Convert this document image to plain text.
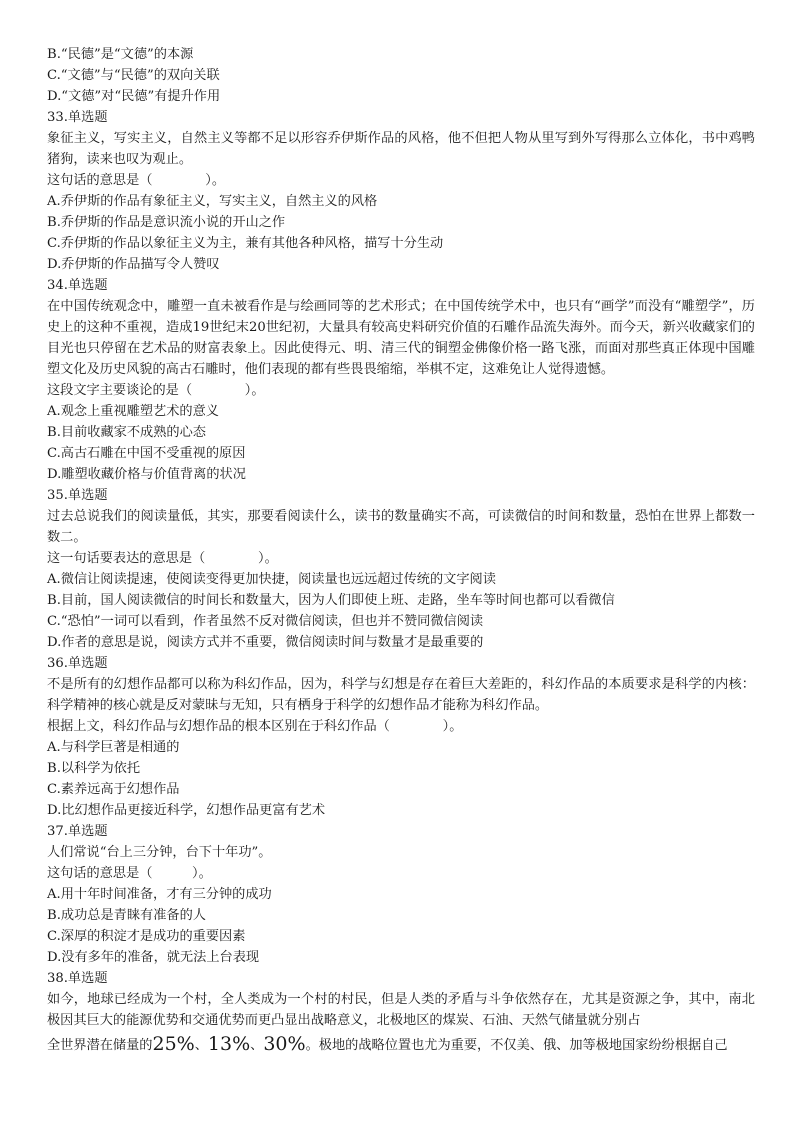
B.“民德”是“文德”的本源
C.“文德”与“民德”的双向关联
D.“文德”对“民德”有提升作用
33.单选题
象征主义，写实主义，自然主义等都不足以形容乔伊斯作品的风格，他不但把人物从里写到外写得那么立体化，书中鸡鸭猪狗，读来也叹为观止。
这句话的意思是（　　　　）。
A.乔伊斯的作品有象征主义，写实主义，自然主义的风格
B.乔伊斯的作品是意识流小说的开山之作
C.乔伊斯的作品以象征主义为主，兼有其他各种风格，描写十分生动
D.乔伊斯的作品描写令人赞叹
34.单选题
在中国传统观念中，雕塑一直未被看作是与绘画同等的艺术形式；在中国传统学术中，也只有“画学”而没有“雕塑学”，历史上的这种不重视，造成19世纪末20世纪初，大量具有较高史料研究价值的石雕作品流失海外。而今天，新兴收藏家们的目光也只停留在艺术品的财富表象上。因此使得元、明、清三代的铜塑金佛像价格一路飞涨，而面对那些真正体现中国雕塑文化及历史风貌的高古石雕时，他们表现的都有些畏畏缩缩，举棋不定，这难免让人觉得遗憾。
这段文字主要谈论的是（　　　　）。
A.观念上重视雕塑艺术的意义
B.目前收藏家不成熟的心态
C.高古石雕在中国不受重视的原因
D.雕塑收藏价格与价值背离的状况
35.单选题
过去总说我们的阅读量低，其实，那要看阅读什么，读书的数量确实不高，可读微信的时间和数量，恐怕在世界上都数一数二。
这一句话要表达的意思是（　　　　）。
A.微信让阅读提速，使阅读变得更加快捷，阅读量也远远超过传统的文字阅读
B.目前，国人阅读微信的时间长和数量大，因为人们即使上班、走路，坐车等时间也都可以看微信
C.“恐怕”一词可以看到，作者虽然不反对微信阅读，但也并不赞同微信阅读
D.作者的意思是说，阅读方式并不重要，微信阅读时间与数量才是最重要的
36.单选题
不是所有的幻想作品都可以称为科幻作品，因为，科学与幻想是存在着巨大差距的，科幻作品的本质要求是科学的内核：科学精神的核心就是反对蒙昧与无知，只有栖身于科学的幻想作品才能称为科幻作品。
根据上文，科幻作品与幻想作品的根本区别在于科幻作品（　　　　）。
A.与科学巨著是相通的
B.以科学为依托
C.素养远高于幻想作品
D.比幻想作品更接近科学，幻想作品更富有艺术
37.单选题
人们常说“台上三分钟，台下十年功”。
这句话的意思是（　　　）。
A.用十年时间准备，才有三分钟的成功
B.成功总是青睐有准备的人
C.深厚的积淀才是成功的重要因素
D.没有多年的准备，就无法上台表现
38.单选题
如今，地球已经成为一个村，全人类成为一个村的村民，但是人类的矛盾与斗争依然存在，尤其是资源之争，其中，南北极因其巨大的能源优势和交通优势而更凸显出战略意义，北极地区的煤炭、石油、天然气储量就分别占
全世界潜在储量的25%、13%、30%。极地的战略位置也尤为重要，不仅美、俄、加等极地国家纷纷根据自己
